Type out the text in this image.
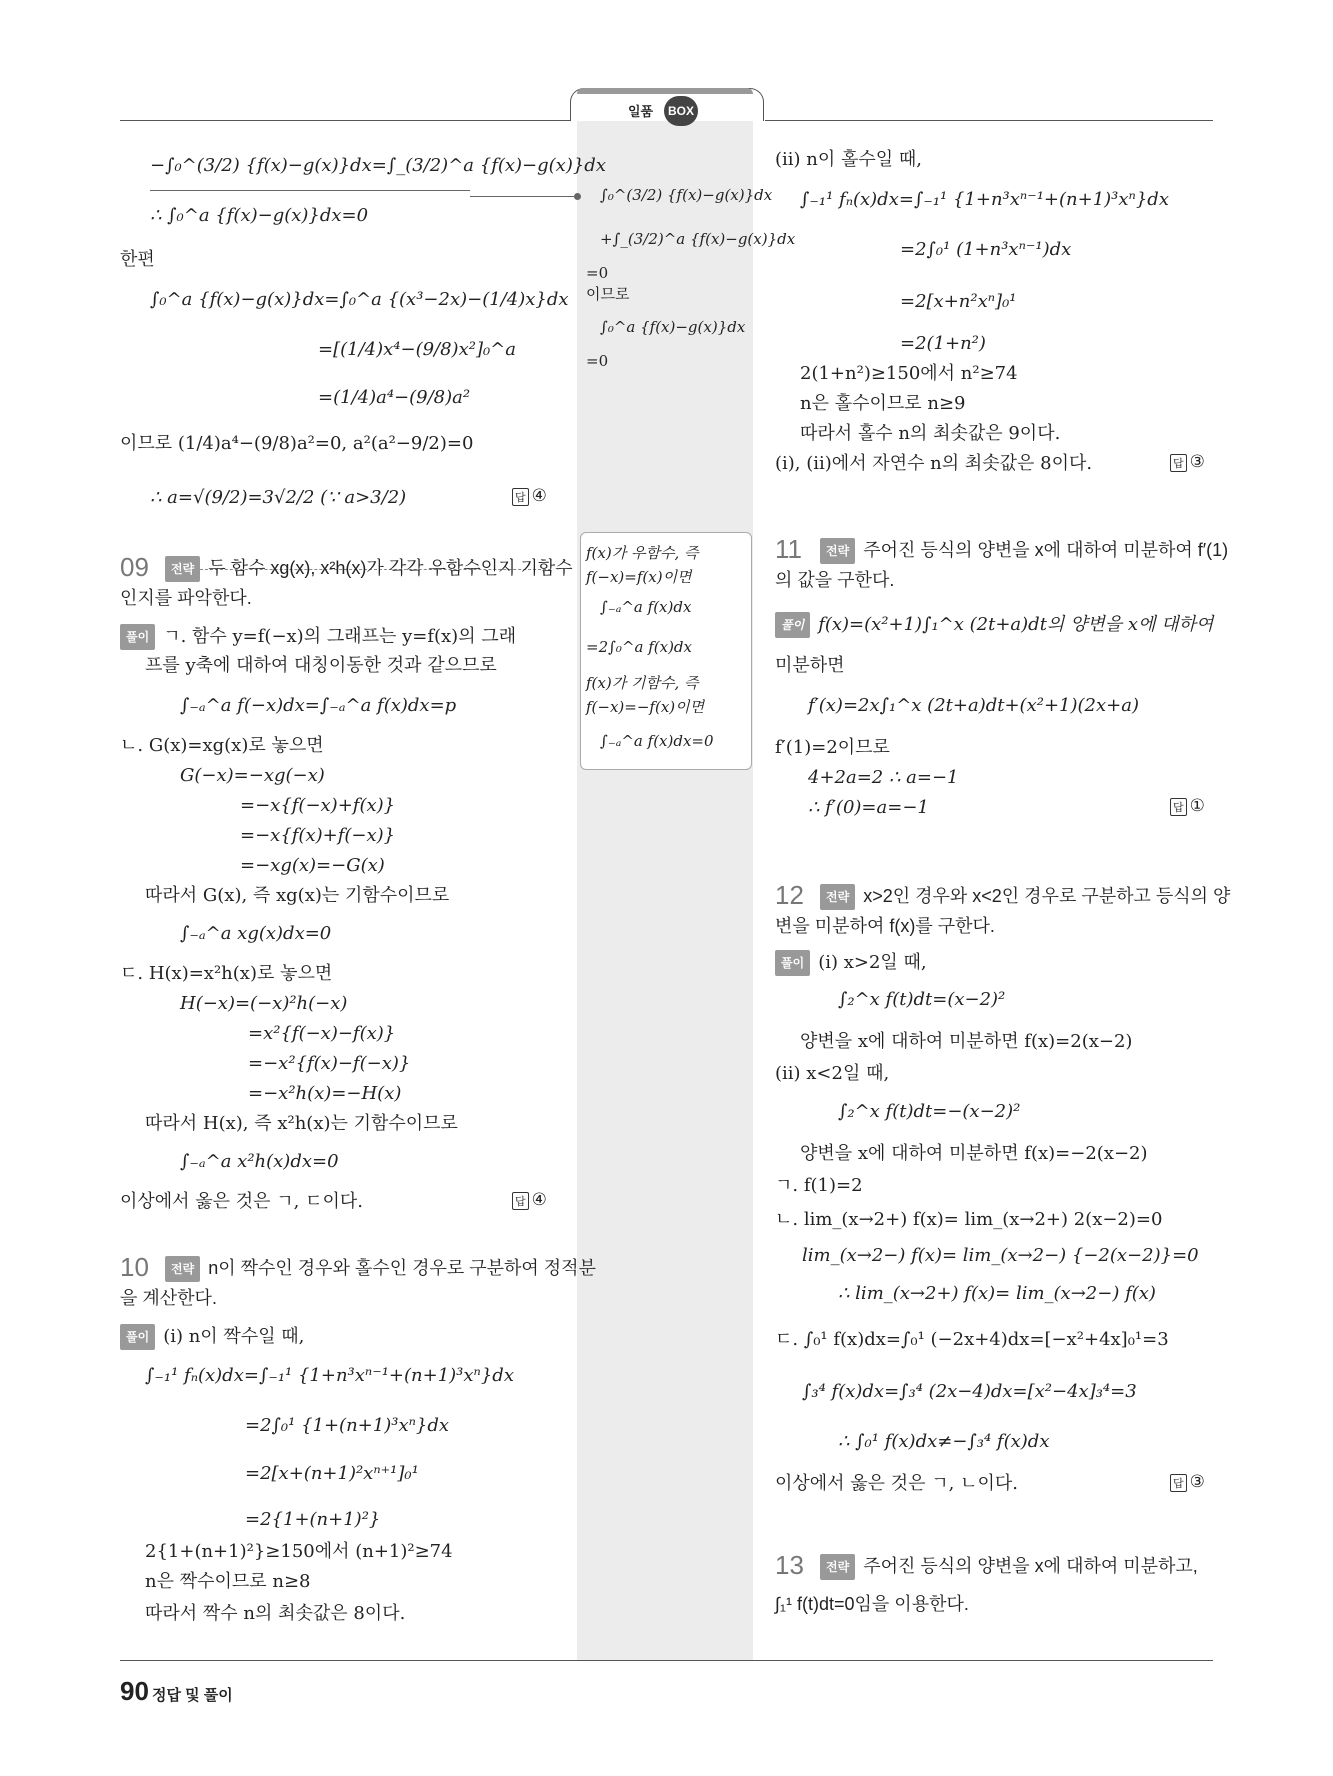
일품	BOX
−∫₀^(3/2) {f(x)−g(x)}dx=∫_(3/2)^a {f(x)−g(x)}dx
∴ ∫₀^a {f(x)−g(x)}dx=0
한편
∫₀^a {f(x)−g(x)}dx=∫₀^a {(x³−2x)−(1/4)x}dx
=[(1/4)x⁴−(9/8)x²]₀^a
=(1/4)a⁴−(9/8)a²
이므로 (1/4)a⁴−(9/8)a²=0, a²(a²−9/2)=0
∴ a=√(9/2)=3√2/2 (∵ a>3/2)	답 ④
∫₀^(3/2) {f(x)−g(x)}dx
+∫_(3/2)^a {f(x)−g(x)}dx
=0
이므로
∫₀^a {f(x)−g(x)}dx
=0
09	전략 두 함수 xg(x), x²h(x)가 각각 우함수인지 기함수
인지를 파악한다.
풀이 ㄱ. 함수 y=f(−x)의 그래프는 y=f(x)의 그래
프를 y축에 대하여 대칭이동한 것과 같으므로
∫₋ₐ^a f(−x)dx=∫₋ₐ^a f(x)dx=p
ㄴ. G(x)=xg(x)로 놓으면
G(−x)=−xg(−x)
=−x{f(−x)+f(x)}
=−x{f(x)+f(−x)}
=−xg(x)=−G(x)
따라서 G(x), 즉 xg(x)는 기함수이므로
∫₋ₐ^a xg(x)dx=0
ㄷ. H(x)=x²h(x)로 놓으면
H(−x)=(−x)²h(−x)
=x²{f(−x)−f(x)}
=−x²{f(x)−f(−x)}
=−x²h(x)=−H(x)
따라서 H(x), 즉 x²h(x)는 기함수이므로
∫₋ₐ^a x²h(x)dx=0
이상에서 옳은 것은 ㄱ, ㄷ이다.	답 ④
f(x)가 우함수, 즉
f(−x)=f(x)이면
∫₋ₐ^a f(x)dx
=2∫₀^a f(x)dx
f(x)가 기함수, 즉
f(−x)=−f(x)이면
∫₋ₐ^a f(x)dx=0
10	전략 n이 짝수인 경우와 홀수인 경우로 구분하여 정적분
을 계산한다.
풀이 (ⅰ) n이 짝수일 때,
∫₋₁¹ fₙ(x)dx=∫₋₁¹ {1+n³xⁿ⁻¹+(n+1)³xⁿ}dx
=2∫₀¹ {1+(n+1)³xⁿ}dx
=2[x+(n+1)²xⁿ⁺¹]₀¹
=2{1+(n+1)²}
2{1+(n+1)²}≥150에서 (n+1)²≥74
n은 짝수이므로 n≥8
따라서 짝수 n의 최솟값은 8이다.
(ⅱ) n이 홀수일 때,
∫₋₁¹ fₙ(x)dx=∫₋₁¹ {1+n³xⁿ⁻¹+(n+1)³xⁿ}dx
=2∫₀¹ (1+n³xⁿ⁻¹)dx
=2[x+n²xⁿ]₀¹
=2(1+n²)
2(1+n²)≥150에서 n²≥74
n은 홀수이므로 n≥9
따라서 홀수 n의 최솟값은 9이다.
(ⅰ), (ⅱ)에서 자연수 n의 최솟값은 8이다.	답 ③
11	전략 주어진 등식의 양변을 x에 대하여 미분하여 f′(1)
의 값을 구한다.
풀이 f(x)=(x²+1)∫₁^x (2t+a)dt의 양변을 x에 대하여
미분하면
f′(x)=2x∫₁^x (2t+a)dt+(x²+1)(2x+a)
f′(1)=2이므로
4+2a=2 ∴ a=−1
∴ f′(0)=a=−1	답 ①
12	전략 x>2인 경우와 x<2인 경우로 구분하고 등식의 양
변을 미분하여 f(x)를 구한다.
풀이 (ⅰ) x>2일 때,
∫₂^x f(t)dt=(x−2)²
양변을 x에 대하여 미분하면 f(x)=2(x−2)
(ⅱ) x<2일 때,
∫₂^x f(t)dt=−(x−2)²
양변을 x에 대하여 미분하면 f(x)=−2(x−2)
ㄱ. f(1)=2
ㄴ. lim_(x→2+) f(x)= lim_(x→2+) 2(x−2)=0
lim_(x→2−) f(x)= lim_(x→2−) {−2(x−2)}=0
∴ lim_(x→2+) f(x)= lim_(x→2−) f(x)
ㄷ. ∫₀¹ f(x)dx=∫₀¹ (−2x+4)dx=[−x²+4x]₀¹=3
∫₃⁴ f(x)dx=∫₃⁴ (2x−4)dx=[x²−4x]₃⁴=3
∴ ∫₀¹ f(x)dx≠−∫₃⁴ f(x)dx
이상에서 옳은 것은 ㄱ, ㄴ이다.	답 ③
13	전략 주어진 등식의 양변을 x에 대하여 미분하고,
∫₁¹ f(t)dt=0임을 이용한다.
90 정답 및 풀이
